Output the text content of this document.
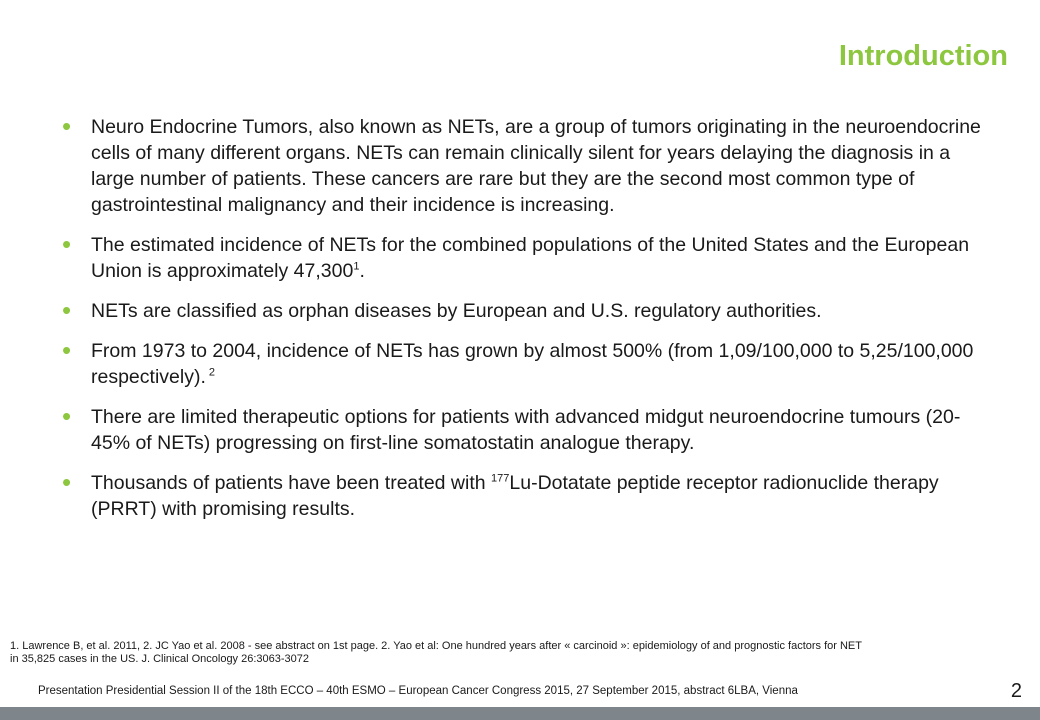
Introduction
•	Neuro Endocrine Tumors, also known as NETs, are a group of tumors originating in the neuroendocrine cells of many different organs. NETs can remain clinically silent for years delaying the diagnosis in a large number of patients. These cancers are rare but they are the second most common type of gastrointestinal malignancy and their incidence is increasing.
•	The estimated incidence of NETs for the combined populations of the United States and the European Union is approximately 47,300$^1$.
•	NETs are classified as orphan diseases by European and U.S. regulatory authorities.
•	From 1973 to 2004, incidence of NETs has grown by almost 500% (from 1,09/100,000 to 5,25/100,000 respectively). $^2$
•	There are limited therapeutic options for patients with advanced midgut neuroendocrine tumours (20-45% of NETs) progressing on first-line somatostatin analogue therapy.
•	Thousands of patients have been treated with $^{177}$Lu-Dotatate peptide receptor radionuclide therapy (PRRT) with promising results.

1. Lawrence B, et al. 2011, 2. JC Yao et al. 2008 - see abstract on 1st page. 2. Yao et al: One hundred years after « carcinoid »: epidemiology of and prognostic factors for NET in 35,825 cases in the US. J. Clinical Oncology 26:3063-3072

Presentation Presidential Session II of the 18th ECCO – 40th ESMO – European Cancer Congress 2015, 27 September 2015, abstract 6LBA, Vienna	2
